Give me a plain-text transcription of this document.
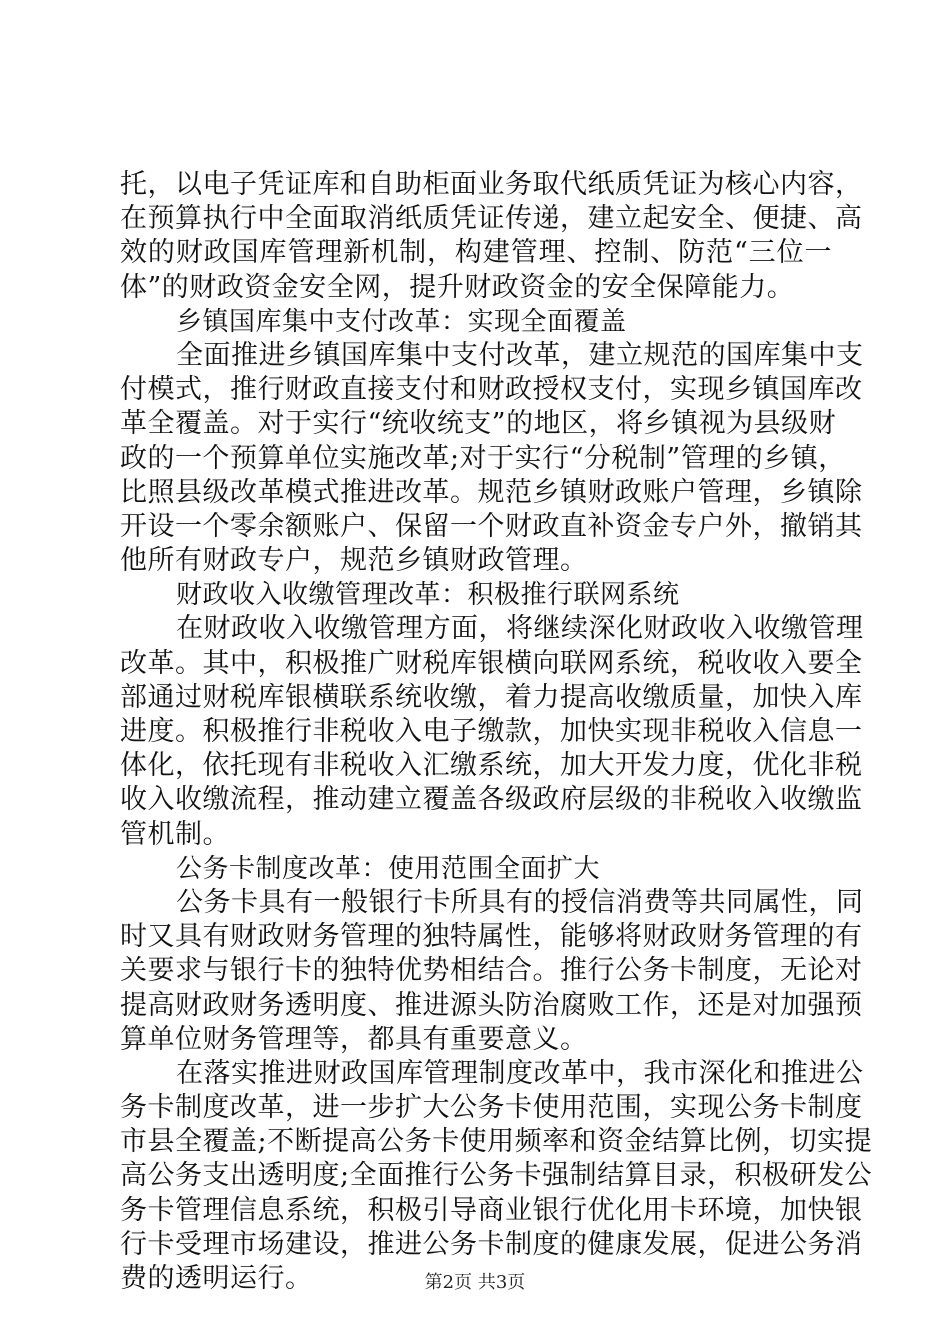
托，以电子凭证库和自助柜面业务取代纸质凭证为核心内容，
在预算执行中全面取消纸质凭证传递，建立起安全、便捷、高
效的财政国库管理新机制，构建管理、控制、防范“三位一
体”的财政资金安全网，提升财政资金的安全保障能力。
乡镇国库集中支付改革：实现全面覆盖
全面推进乡镇国库集中支付改革，建立规范的国库集中支
付模式，推行财政直接支付和财政授权支付，实现乡镇国库改
革全覆盖。对于实行“统收统支”的地区，将乡镇视为县级财
政的一个预算单位实施改革;对于实行“分税制”管理的乡镇，
比照县级改革模式推进改革。规范乡镇财政账户管理，乡镇除
开设一个零余额账户、保留一个财政直补资金专户外，撤销其
他所有财政专户，规范乡镇财政管理。
财政收入收缴管理改革：积极推行联网系统
在财政收入收缴管理方面，将继续深化财政收入收缴管理
改革。其中，积极推广财税库银横向联网系统，税收收入要全
部通过财税库银横联系统收缴，着力提高收缴质量，加快入库
进度。积极推行非税收入电子缴款，加快实现非税收入信息一
体化，依托现有非税收入汇缴系统，加大开发力度，优化非税
收入收缴流程，推动建立覆盖各级政府层级的非税收入收缴监
管机制。
公务卡制度改革：使用范围全面扩大
公务卡具有一般银行卡所具有的授信消费等共同属性，同
时又具有财政财务管理的独特属性，能够将财政财务管理的有
关要求与银行卡的独特优势相结合。推行公务卡制度，无论对
提高财政财务透明度、推进源头防治腐败工作，还是对加强预
算单位财务管理等，都具有重要意义。
在落实推进财政国库管理制度改革中，我市深化和推进公
务卡制度改革，进一步扩大公务卡使用范围，实现公务卡制度
市县全覆盖;不断提高公务卡使用频率和资金结算比例，切实提
高公务支出透明度;全面推行公务卡强制结算目录，积极研发公
务卡管理信息系统，积极引导商业银行优化用卡环境，加快银
行卡受理市场建设，推进公务卡制度的健康发展，促进公务消
费的透明运行。	第2页 共3页
